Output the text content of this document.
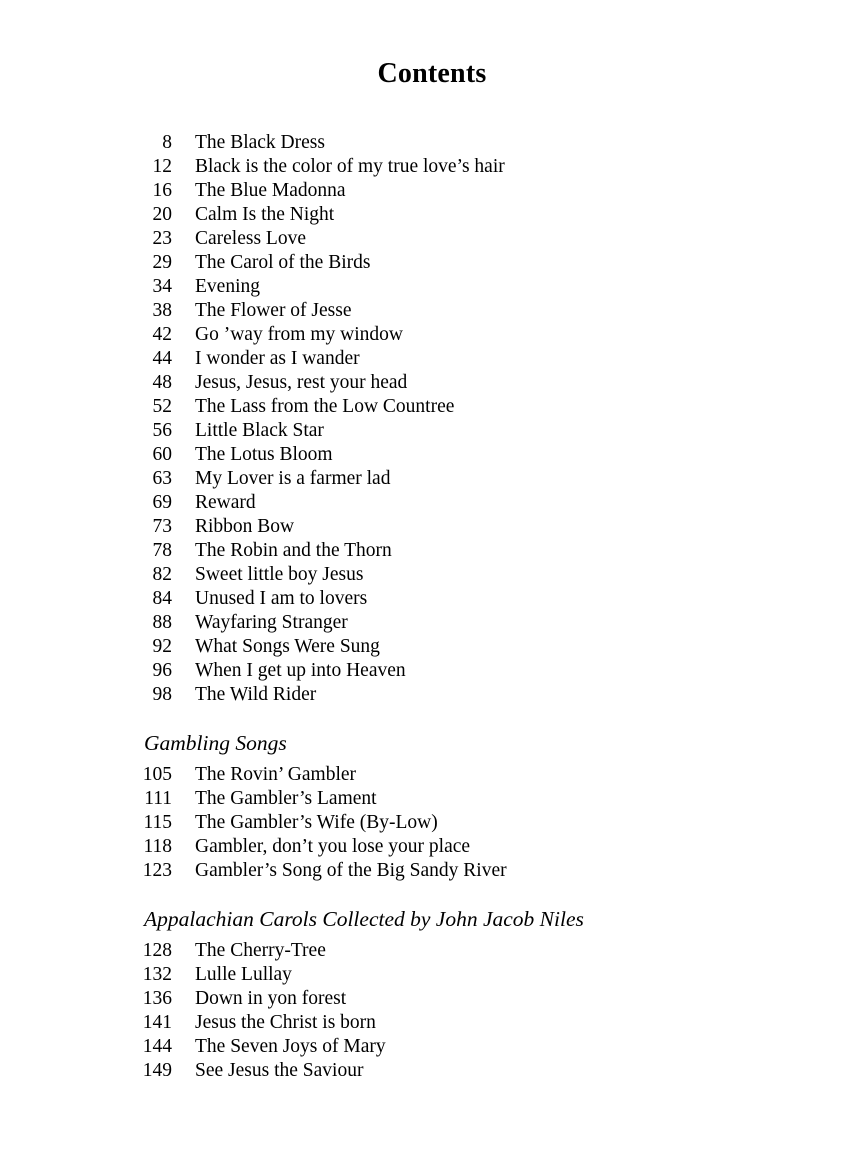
Contents
8 The Black Dress
12 Black is the color of my true love’s hair
16 The Blue Madonna
20 Calm Is the Night
23 Careless Love
29 The Carol of the Birds
34 Evening
38 The Flower of Jesse
42 Go ’way from my window
44 I wonder as I wander
48 Jesus, Jesus, rest your head
52 The Lass from the Low Countree
56 Little Black Star
60 The Lotus Bloom
63 My Lover is a farmer lad
69 Reward
73 Ribbon Bow
78 The Robin and the Thorn
82 Sweet little boy Jesus
84 Unused I am to lovers
88 Wayfaring Stranger
92 What Songs Were Sung
96 When I get up into Heaven
98 The Wild Rider
Gambling Songs
105 The Rovin’ Gambler
111 The Gambler’s Lament
115 The Gambler’s Wife (By-Low)
118 Gambler, don’t you lose your place
123 Gambler’s Song of the Big Sandy River
Appalachian Carols Collected by John Jacob Niles
128 The Cherry-Tree
132 Lulle Lullay
136 Down in yon forest
141 Jesus the Christ is born
144 The Seven Joys of Mary
149 See Jesus the Saviour
